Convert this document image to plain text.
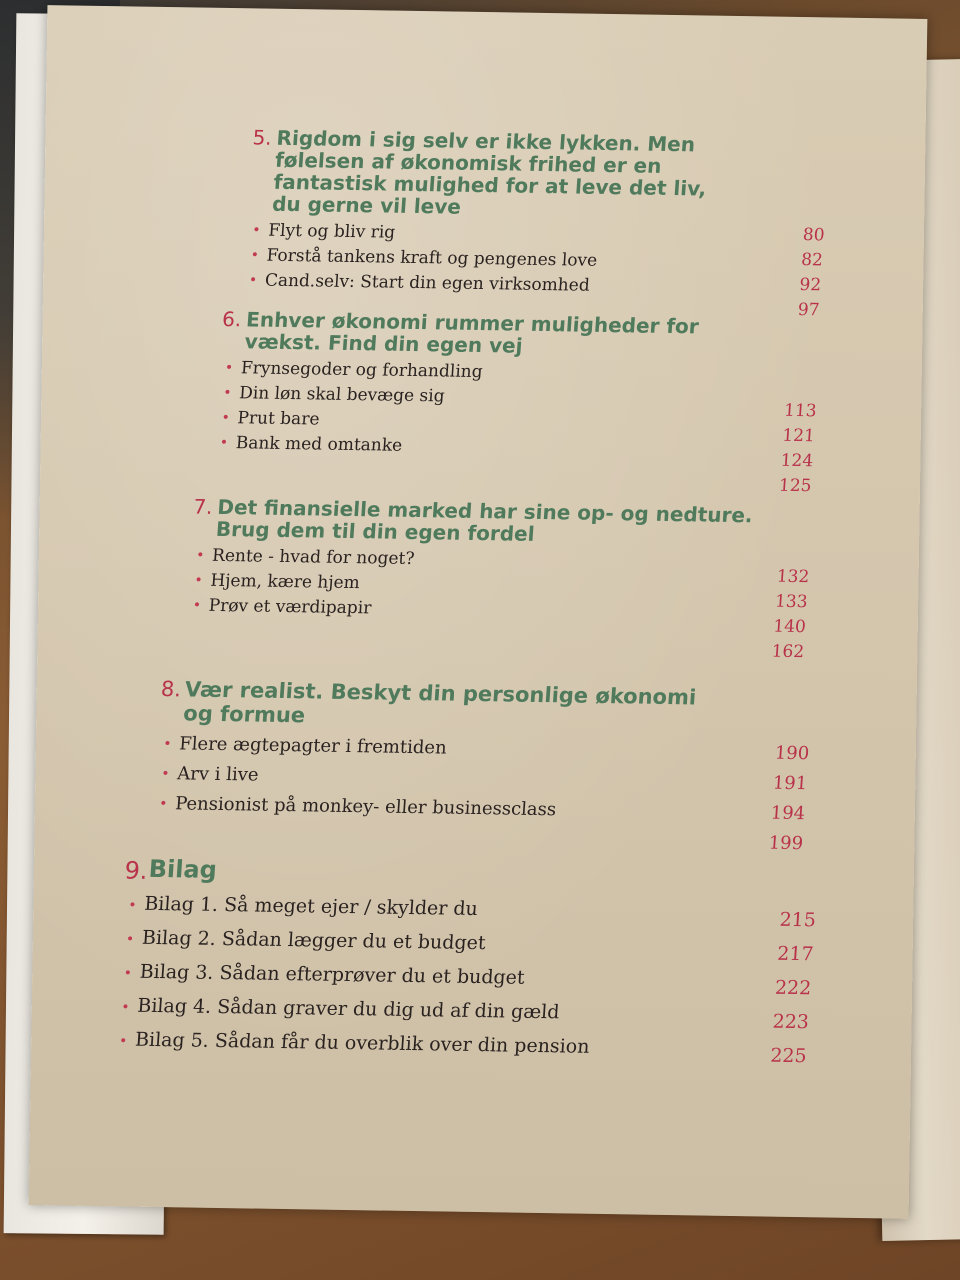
5. Rigdom i sig selv er ikke lykken. Men følelsen af økonomisk frihed er en fantastisk mulighed for at leve det liv, du gerne vil leve
• Flyt og bliv rig
• Forstå tankens kraft og pengenes love
• Cand.selv: Start din egen virksomhed
80
82
92
97
6. Enhver økonomi rummer muligheder for vækst. Find din egen vej
• Frynsegoder og forhandling
• Din løn skal bevæge sig
• Prut bare
• Bank med omtanke
113
121
124
125
7. Det finansielle marked har sine op- og nedture. Brug dem til din egen fordel
• Rente - hvad for noget?
• Hjem, kære hjem
• Prøv et værdipapir
132
133
140
162
8. Vær realist. Beskyt din personlige økonomi og formue
• Flere ægtepagter i fremtiden
• Arv i live
• Pensionist på monkey- eller businessclass
190
191
194
199
9. Bilag
• Bilag 1. Så meget ejer / skylder du
• Bilag 2. Sådan lægger du et budget
• Bilag 3. Sådan efterprøver du et budget
• Bilag 4. Sådan graver du dig ud af din gæld
• Bilag 5. Sådan får du overblik over din pension
215
217
222
223
225
